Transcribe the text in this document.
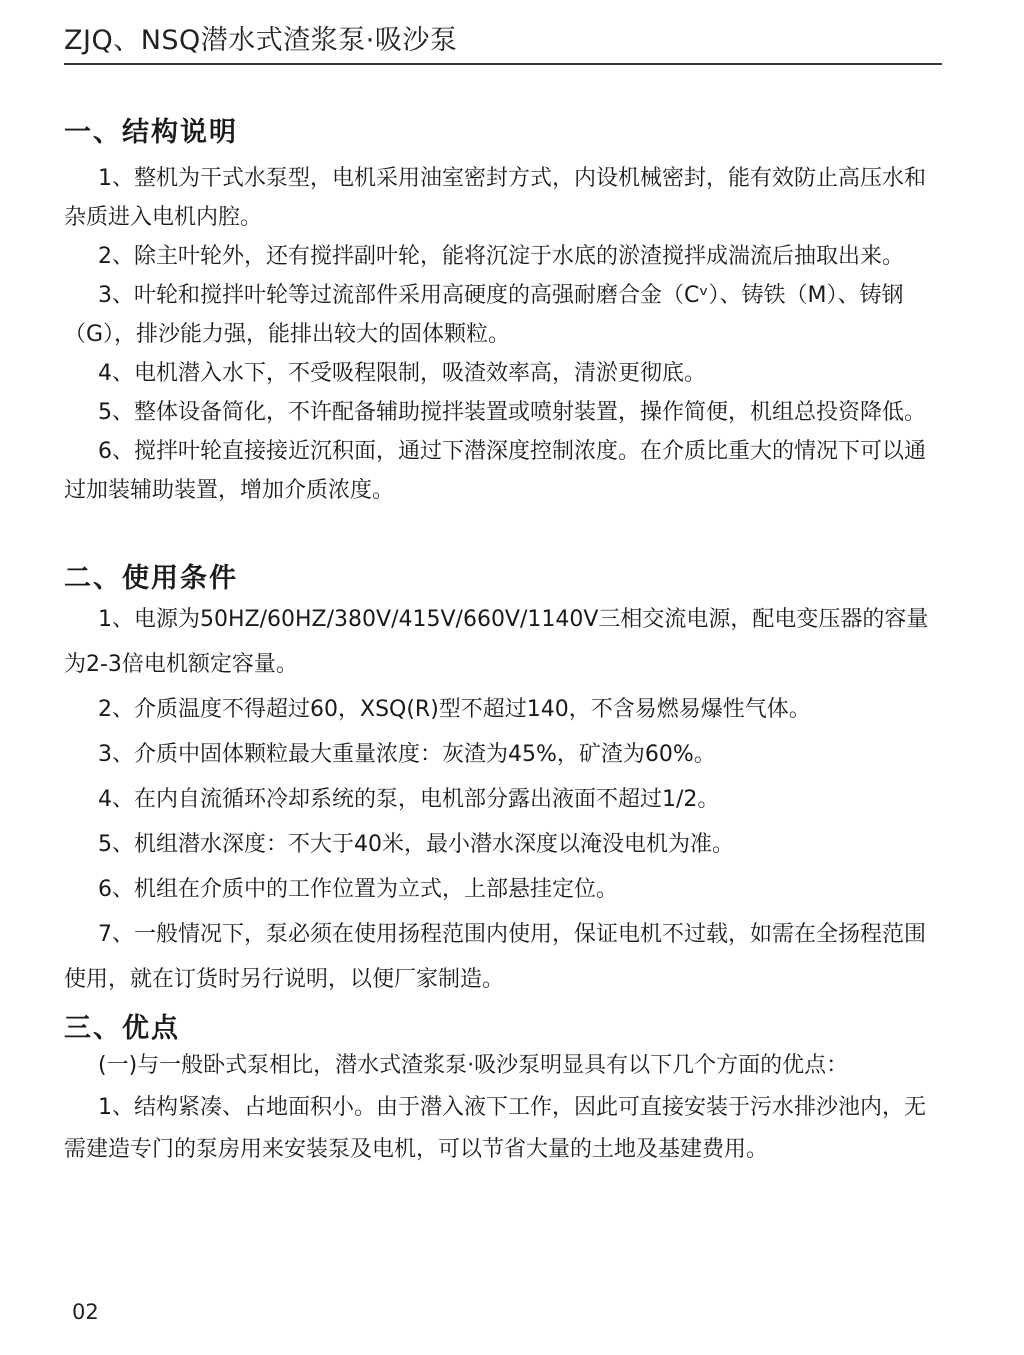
ZJQ、NSQ潜水式渣浆泵·吸沙泵
一、结构说明

1、整机为干式水泵型，电机采用油室密封方式，内设机械密封，能有效防止高压水和杂质进入电机内腔。

2、除主叶轮外，还有搅拌副叶轮，能将沉淀于水底的淤渣搅拌成湍流后抽取出来。

3、叶轮和搅拌叶轮等过流部件采用高硬度的高强耐磨合金（Cᵛ）、铸铁（M）、铸钢（G），排沙能力强，能排出较大的固体颗粒。

4、电机潜入水下，不受吸程限制，吸渣效率高，清淤更彻底。

5、整体设备简化，不许配备辅助搅拌装置或喷射装置，操作简便，机组总投资降低。

6、搅拌叶轮直接接近沉积面，通过下潜深度控制浓度。在介质比重大的情况下可以通过加装辅助装置，增加介质浓度。

二、使用条件

1、电源为50HZ/60HZ/380V/415V/660V/1140V三相交流电源，配电变压器的容量为2-3倍电机额定容量。

2、介质温度不得超过60，XSQ(R)型不超过140，不含易燃易爆性气体。

3、介质中固体颗粒最大重量浓度：灰渣为45%，矿渣为60%。

4、在内自流循环冷却系统的泵，电机部分露出液面不超过1/2。

5、机组潜水深度：不大于40米，最小潜水深度以淹没电机为准。

6、机组在介质中的工作位置为立式，上部悬挂定位。

7、一般情况下，泵必须在使用扬程范围内使用，保证电机不过载，如需在全扬程范围使用，就在订货时另行说明，以便厂家制造。

三、优点

(一)与一般卧式泵相比，潜水式渣浆泵·吸沙泵明显具有以下几个方面的优点：

1、结构紧凑、占地面积小。由于潜入液下工作，因此可直接安装于污水排沙池内，无需建造专门的泵房用来安装泵及电机，可以节省大量的土地及基建费用。

02
